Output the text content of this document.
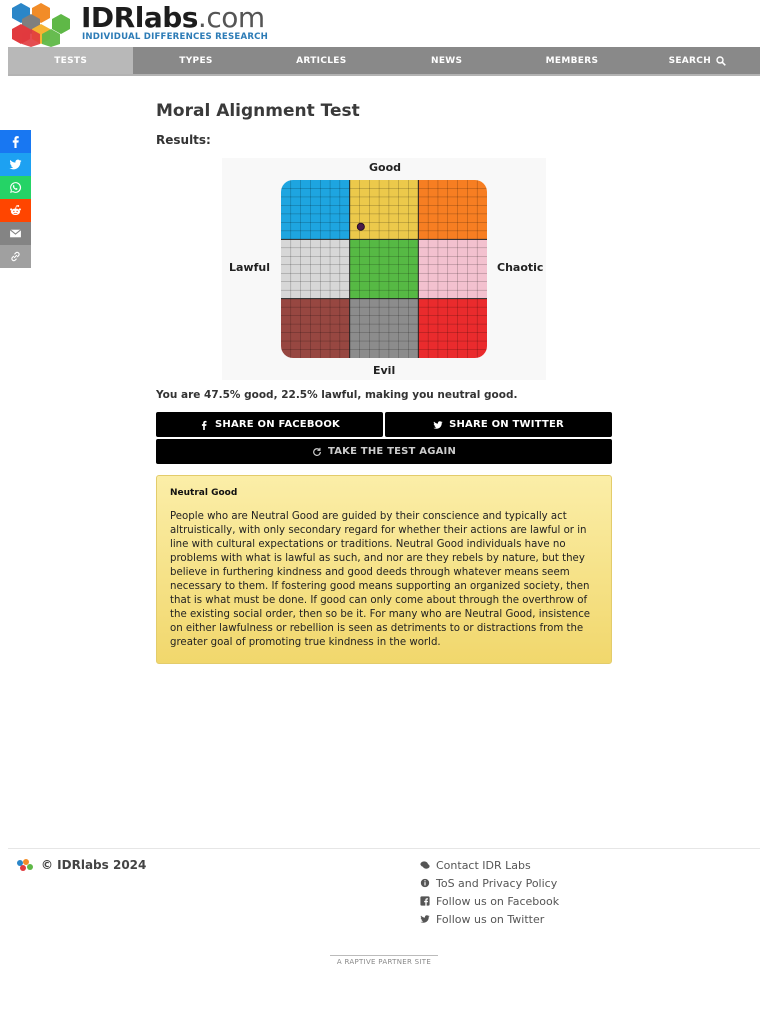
IDRlabs.com
INDIVIDUAL DIFFERENCES RESEARCH
TESTS	TYPES	ARTICLES	NEWS	MEMBERS	SEARCH
Moral Alignment Test
Results:
Good
Evil
Lawful	Chaotic
You are 47.5% good, 22.5% lawful, making you neutral good.
SHARE ON FACEBOOK	SHARE ON TWITTER
TAKE THE TEST AGAIN
Neutral Good
People who are Neutral Good are guided by their conscience and typically act altruistically, with only secondary regard for whether their actions are lawful or in line with cultural expectations or traditions. Neutral Good individuals have no problems with what is lawful as such, and nor are they rebels by nature, but they believe in furthering kindness and good deeds through whatever means seem necessary to them. If fostering good means supporting an organized society, then that is what must be done. If good can only come about through the overthrow of the existing social order, then so be it. For many who are Neutral Good, insistence on either lawfulness or rebellion is seen as detriments to or distractions from the greater goal of promoting true kindness in the world.
© IDRlabs 2024	Contact IDR Labs
ToS and Privacy Policy
Follow us on Facebook
Follow us on Twitter
A RAPTIVE PARTNER SITE
